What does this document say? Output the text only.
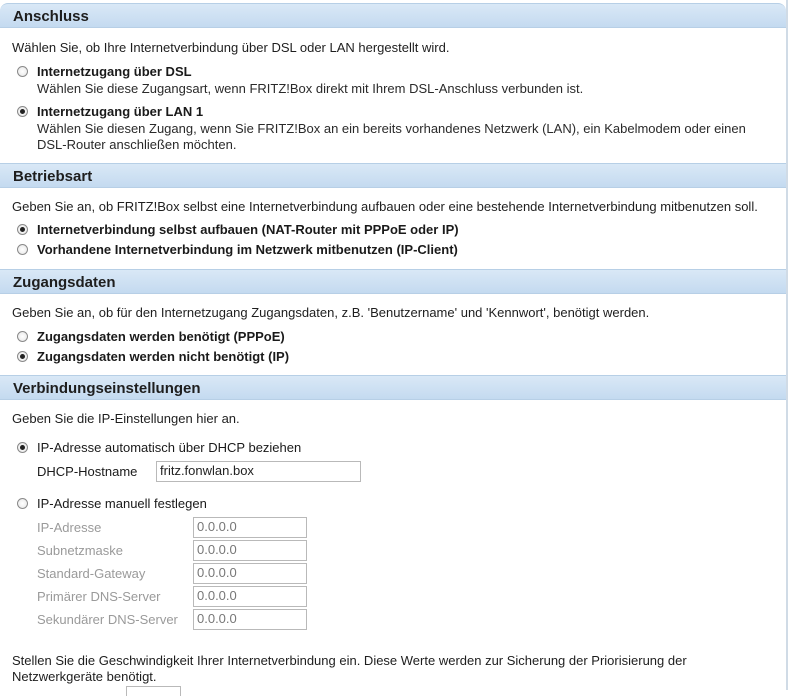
Anschluss
Wählen Sie, ob Ihre Internetverbindung über DSL oder LAN hergestellt wird.
Internetzugang über DSL
Wählen Sie diese Zugangsart, wenn FRITZ!Box direkt mit Ihrem DSL-Anschluss verbunden ist.
Internetzugang über LAN 1
Wählen Sie diesen Zugang, wenn Sie FRITZ!Box an ein bereits vorhandenes Netzwerk (LAN), ein Kabelmodem oder einen
DSL-Router anschließen möchten.
Betriebsart
Geben Sie an, ob FRITZ!Box selbst eine Internetverbindung aufbauen oder eine bestehende Internetverbindung mitbenutzen soll.
Internetverbindung selbst aufbauen (NAT-Router mit PPPoE oder IP)
Vorhandene Internetverbindung im Netzwerk mitbenutzen (IP-Client)
Zugangsdaten
Geben Sie an, ob für den Internetzugang Zugangsdaten, z.B. 'Benutzername' und 'Kennwort', benötigt werden.
Zugangsdaten werden benötigt (PPPoE)
Zugangsdaten werden nicht benötigt (IP)
Verbindungseinstellungen
Geben Sie die IP-Einstellungen hier an.
IP-Adresse automatisch über DHCP beziehen
DHCP-Hostname	fritz.fonwlan.box
IP-Adresse manuell festlegen
IP-Adresse	0.0.0.0
Subnetzmaske	0.0.0.0
Standard-Gateway	0.0.0.0
Primärer DNS-Server	0.0.0.0
Sekundärer DNS-Server	0.0.0.0
Stellen Sie die Geschwindigkeit Ihrer Internetverbindung ein. Diese Werte werden zur Sicherung der Priorisierung der
Netzwerkgeräte benötigt.
